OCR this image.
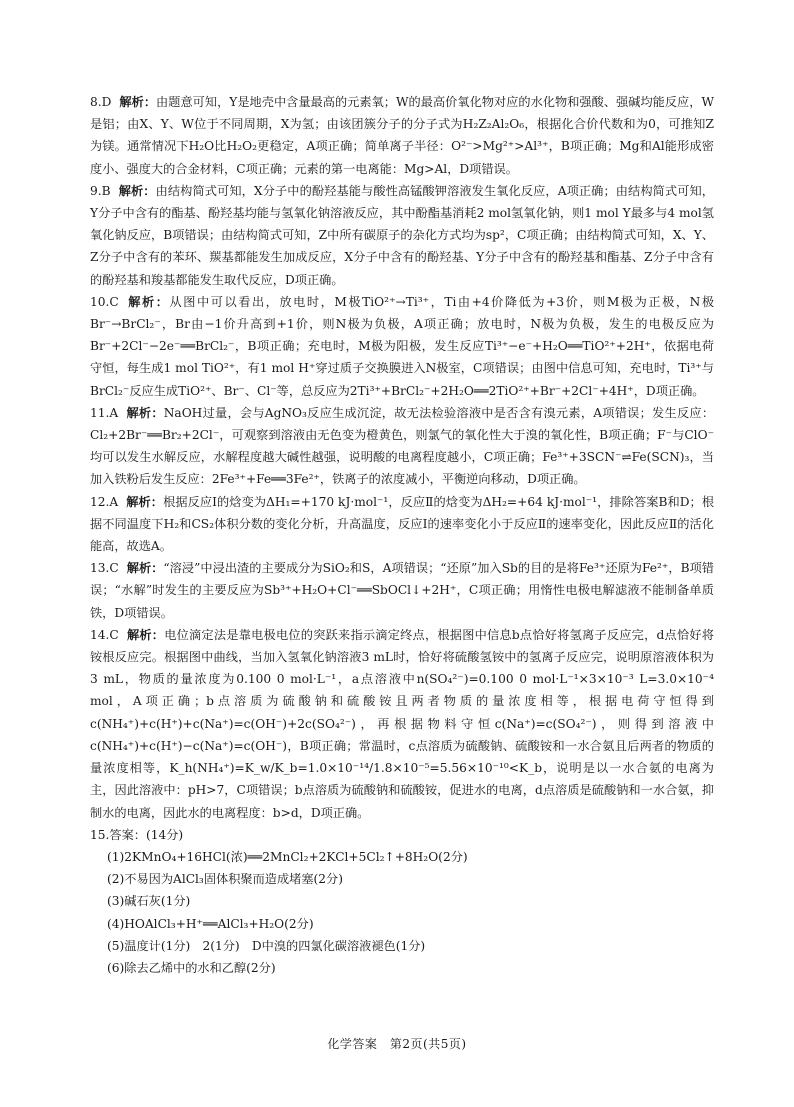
8.D 解析：由题意可知，Y是地壳中含量最高的元素氧；W的最高价氧化物对应的水化物和强酸、强碱均能反应，W是铝；由X、Y、W位于不同周期，X为氢；由该团簇分子的分子式为H₂Z₂Al₂O₆，根据化合价代数和为0，可推知Z为镁。通常情况下H₂O比H₂O₂更稳定，A项正确；简单离子半径：O²⁻>Mg²⁺>Al³⁺，B项正确；Mg和Al能形成密度小、强度大的合金材料，C项正确；元素的第一电离能：Mg>Al，D项错误。

9.B 解析：由结构简式可知，X分子中的酚羟基能与酸性高锰酸钾溶液发生氧化反应，A项正确；由结构简式可知，Y分子中含有的酯基、酚羟基均能与氢氧化钠溶液反应，其中酚酯基消耗2 mol氢氧化钠，则1 mol Y最多与4 mol氢氧化钠反应，B项错误；由结构简式可知，Z中所有碳原子的杂化方式均为sp²，C项正确；由结构简式可知，X、Y、Z分子中含有的苯环、羰基都能发生加成反应，X分子中含有的酚羟基、Y分子中含有的酚羟基和酯基、Z分子中含有的酚羟基和羧基都能发生取代反应，D项正确。

10.C 解析：从图中可以看出，放电时，M极TiO²⁺→Ti³⁺，Ti由+4价降低为+3价，则M极为正极，N极Br⁻→BrCl₂⁻，Br由−1价升高到+1价，则N极为负极，A项正确；放电时，N极为负极，发生的电极反应为Br⁻+2Cl⁻−2e⁻══BrCl₂⁻，B项正确；充电时，M极为阳极，发生反应Ti³⁺−e⁻+H₂O══TiO²⁺+2H⁺，依据电荷守恒，每生成1 mol TiO²⁺，有1 mol H⁺穿过质子交换膜进入N极室，C项错误；由图中信息可知，充电时，Ti³⁺与BrCl₂⁻反应生成TiO²⁺、Br⁻、Cl⁻等，总反应为2Ti³⁺+BrCl₂⁻+2H₂O══2TiO²⁺+Br⁻+2Cl⁻+4H⁺，D项正确。

11.A 解析：NaOH过量，会与AgNO₃反应生成沉淀，故无法检验溶液中是否含有溴元素，A项错误；发生反应：Cl₂+2Br⁻══Br₂+2Cl⁻，可观察到溶液由无色变为橙黄色，则氯气的氧化性大于溴的氧化性，B项正确；F⁻与ClO⁻均可以发生水解反应，水解程度越大碱性越强，说明酸的电离程度越小，C项正确；Fe³⁺+3SCN⁻⇌Fe(SCN)₃，当加入铁粉后发生反应：2Fe³⁺+Fe══3Fe²⁺，铁离子的浓度减小，平衡逆向移动，D项正确。

12.A 解析：根据反应Ⅰ的焓变为ΔH₁=+170 kJ·mol⁻¹，反应Ⅱ的焓变为ΔH₂=+64 kJ·mol⁻¹，排除答案B和D；根据不同温度下H₂和CS₂体积分数的变化分析，升高温度，反应Ⅰ的速率变化小于反应Ⅱ的速率变化，因此反应Ⅱ的活化能高，故选A。

13.C 解析：“溶浸”中浸出渣的主要成分为SiO₂和S，A项错误；“还原”加入Sb的目的是将Fe³⁺还原为Fe²⁺，B项错误；“水解”时发生的主要反应为Sb³⁺+H₂O+Cl⁻══SbOCl↓+2H⁺，C项正确；用惰性电极电解滤液不能制备单质铁，D项错误。

14.C 解析：电位滴定法是靠电极电位的突跃来指示滴定终点，根据图中信息b点恰好将氢离子反应完，d点恰好将铵根反应完。根据图中曲线，当加入氢氧化钠溶液3 mL时，恰好将硫酸氢铵中的氢离子反应完，说明原溶液体积为3 mL，物质的量浓度为0.100 0 mol·L⁻¹，a点溶液中n(SO₄²⁻)=0.100 0 mol·L⁻¹×3×10⁻³ L=3.0×10⁻⁴ mol，A项正确；b点溶质为硫酸钠和硫酸铵且两者物质的量浓度相等，根据电荷守恒得到c(NH₄⁺)+c(H⁺)+c(Na⁺)=c(OH⁻)+2c(SO₄²⁻)，再根据物料守恒c(Na⁺)=c(SO₄²⁻)，则得到溶液中c(NH₄⁺)+c(H⁺)−c(Na⁺)=c(OH⁻)，B项正确；常温时，c点溶质为硫酸钠、硫酸铵和一水合氨且后两者的物质的量浓度相等，K_h(NH₄⁺)=K_w/K_b=1.0×10⁻¹⁴/1.8×10⁻⁵=5.56×10⁻¹⁰<K_b，说明是以一水合氨的电离为主，因此溶液中：pH>7，C项错误；b点溶质为硫酸钠和硫酸铵，促进水的电离，d点溶质是硫酸钠和一水合氨，抑制水的电离，因此水的电离程度：b>d，D项正确。

15.答案：(14分)
(1)2KMnO₄+16HCl(浓)══2MnCl₂+2KCl+5Cl₂↑+8H₂O(2分)
(2)不易因为AlCl₃固体积聚而造成堵塞(2分)
(3)碱石灰(1分)
(4)HOAlCl₃+H⁺══AlCl₃+H₂O(2分)
(5)温度计(1分)　2(1分)　D中溴的四氯化碳溶液褪色(1分)
(6)除去乙烯中的水和乙醇(2分)
化学答案　第2页(共5页)
